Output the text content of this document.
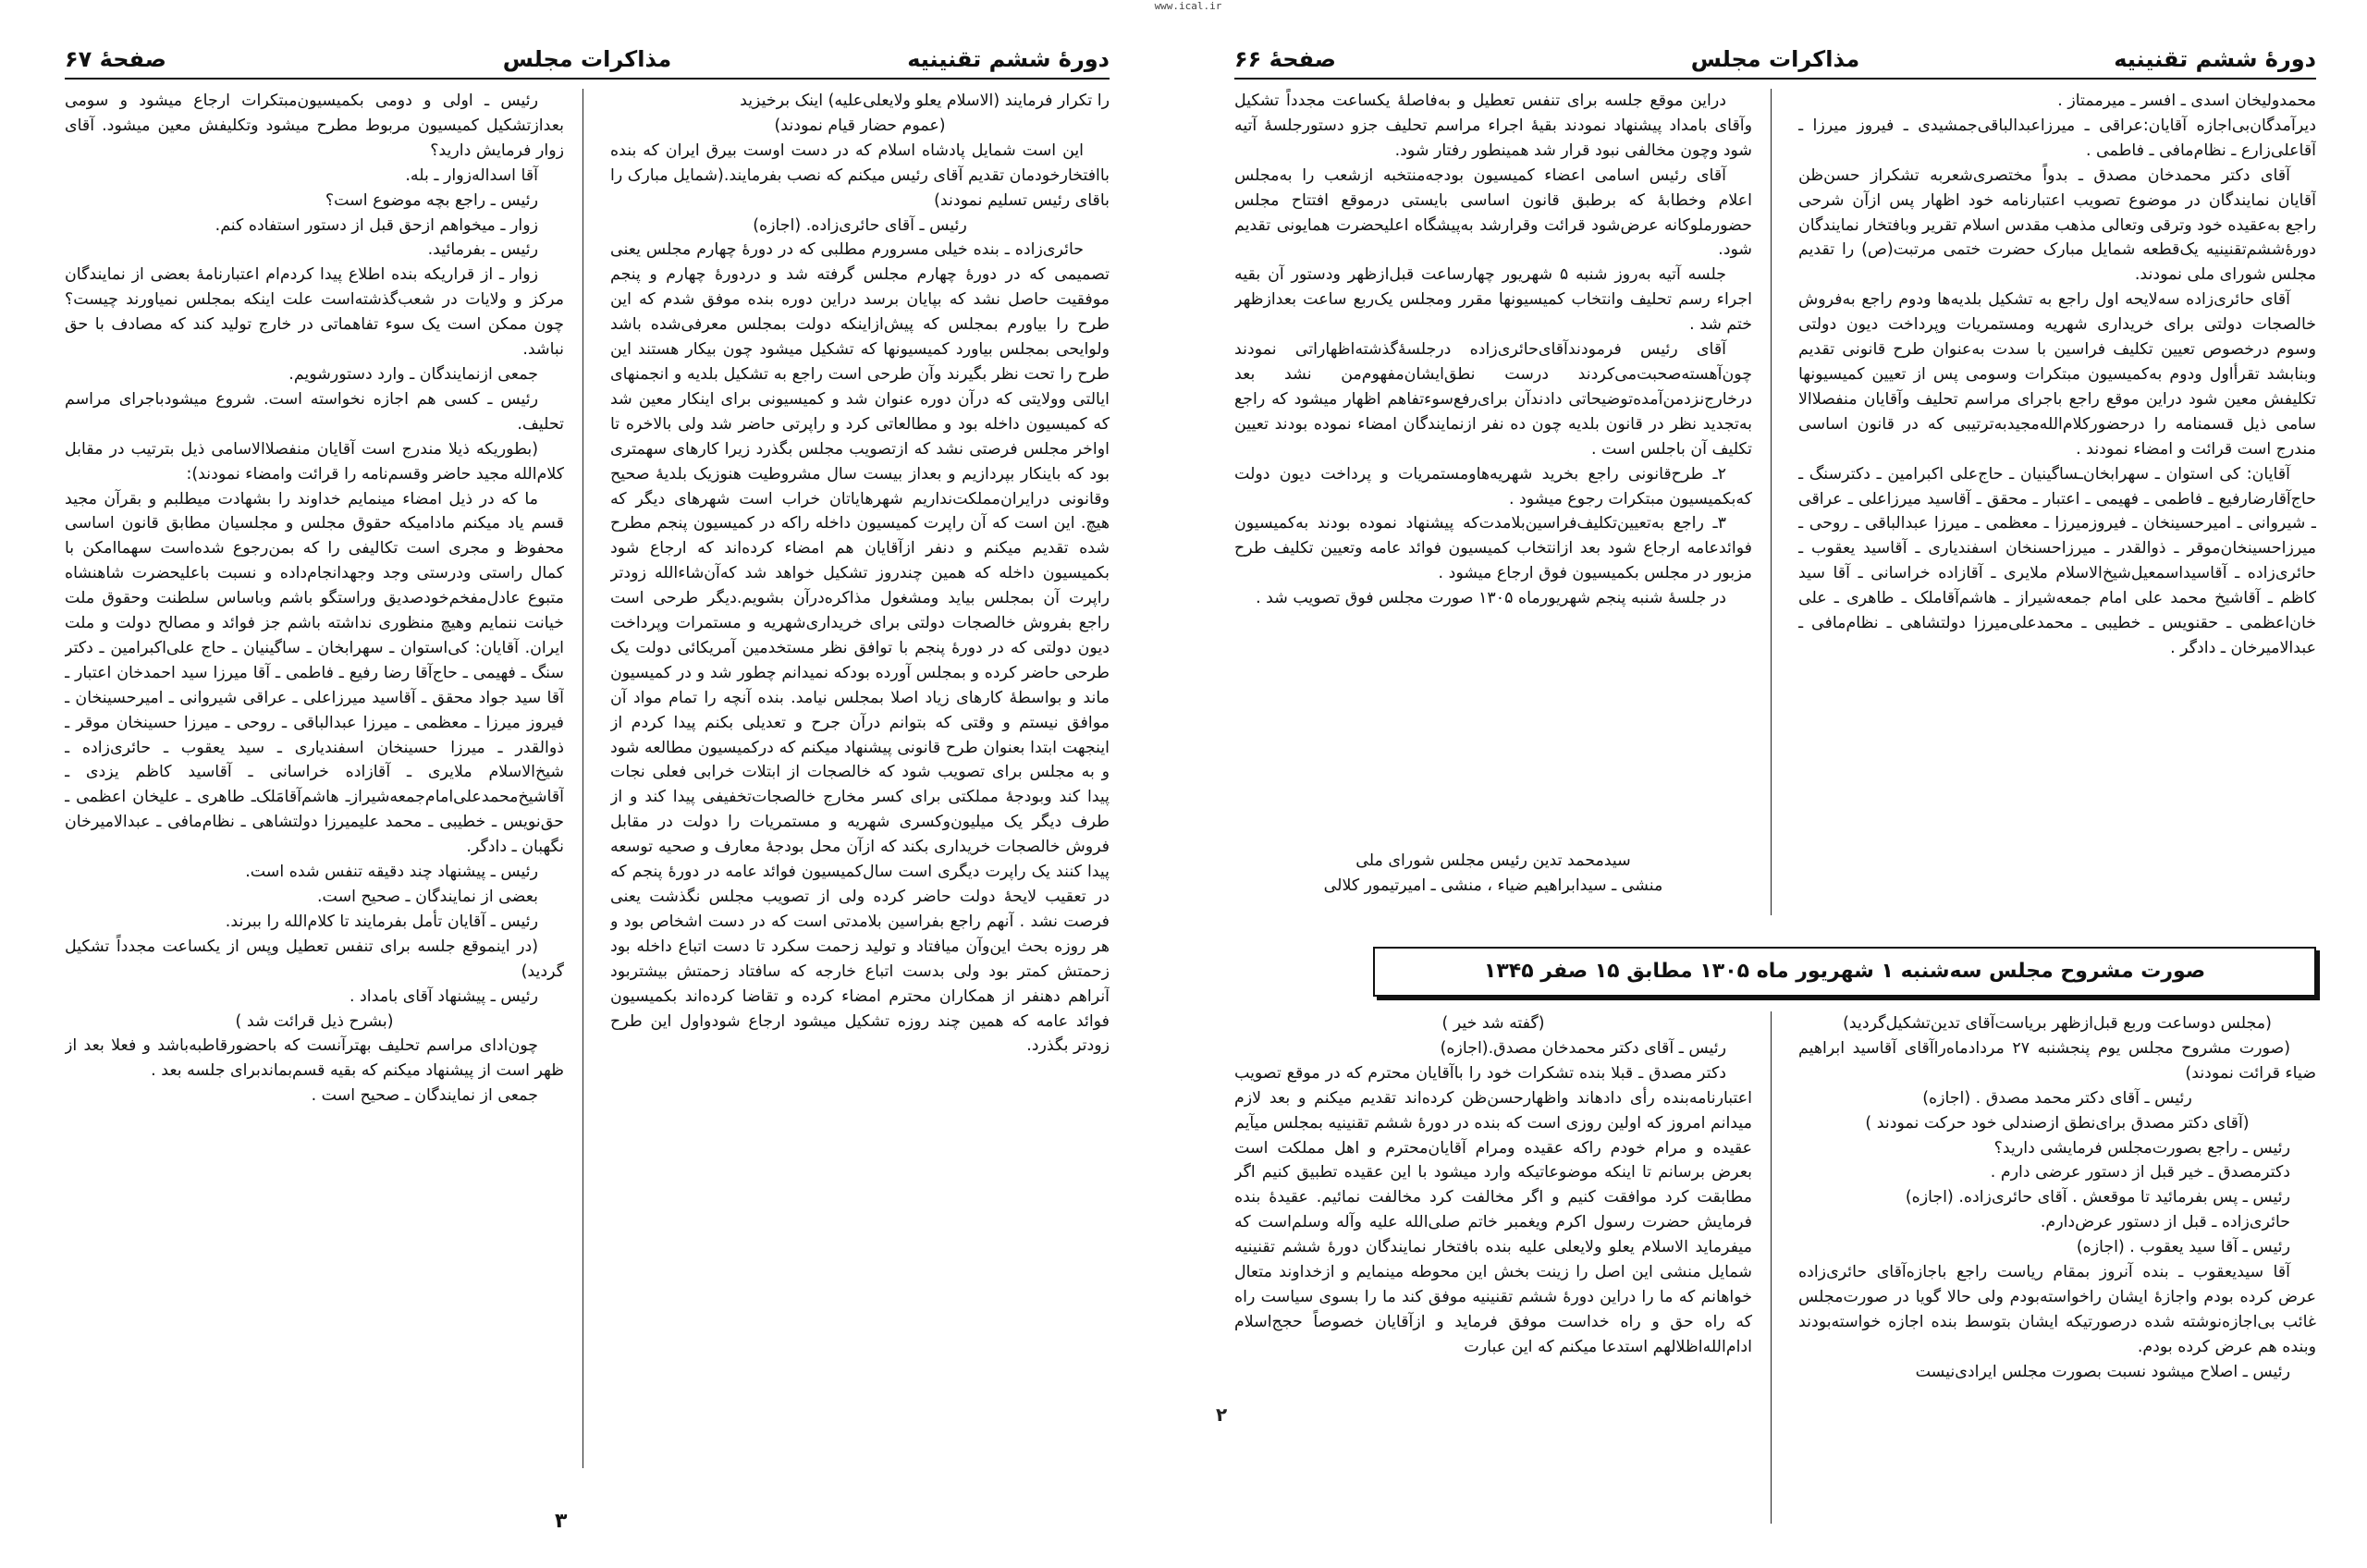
www.ical.ir
دورهٔ ششم تقنینیه
مذاکرات مجلس
صفحهٔ ۶۷

را تکرار فرمایند (الاسلام یعلو ولایعلی‌علیه) اینک برخیزید

(عموم حضار قیام نمودند)

این است شمایل پادشاه اسلام که در دست اوست بیرق ایران که بنده باافتخارخودمان تقدیم آقای رئیس میکنم که نصب بفرمایند.(شمایل مبارک را باقای رئیس تسلیم نمودند)

رئیس ـ آقای حائری‌زاده. (اجازه)

حائری‌زاده ـ بنده خیلی مسرورم مطلبی که در دورهٔ چهارم مجلس یعنی تصمیمی که در دورهٔ چهارم مجلس گرفته شد و دردورهٔ چهارم و پنجم موفقیت حاصل نشد که بپایان برسد دراین دوره بنده موفق شدم که این طرح را بیاورم بمجلس که پیش‌ازاینکه دولت بمجلس معرفی‌شده باشد ولوایحی بمجلس بیاورد کمیسیونها که تشکیل میشود چون بیکار هستند این طرح را تحت نظر بگیرند وآن طرحی است راجع به تشکیل بلدیه و انجمنهای ایالتی وولایتی که درآن دوره عنوان شد و کمیسیونی برای اینکار معین شد که کمیسیون داخله بود و مطالعاتی کرد و راپرتی حاضر شد ولی بالاخره تا اواخر مجلس فرصتی نشد که ازتصویب مجلس بگذرد زیرا کارهای سهمتری بود که باینکار بپردازیم و بعداز بیست سال مشروطیت هنوزیک بلدیهٔ صحیح وقانونی درایران‌مملکت‌نداریم شهرهایاتان خراب است شهرهای دیگر که هیچ. این است که آن راپرت کمیسیون داخله راکه در کمیسیون پنجم مطرح شده تقدیم میکنم و دنفر ازآقایان هم امضاء کرده‌اند که ارجاع شود بکمیسیون داخله که همین چندروز تشکیل خواهد شد که‌آن‌شاءالله زودتر راپرت آن بمجلس بیاید ومشغول مذاکره‌درآن بشویم.دیگر طرحی است راجع بفروش خالصجات دولتی برای خریداری‌شهریه و مستمرات وپرداخت دیون دولتی که در دورهٔ پنجم با توافق نظر مستخدمین آمریکائی دولت یک طرحی حاضر کرده و بمجلس آورده بودکه نمیدانم چطور شد و در کمیسیون ماند و بواسطهٔ کارهای زیاد اصلا بمجلس نیامد. بنده آنچه را تمام مواد آن موافق نیستم و وقتی که بتوانم درآن جرح و تعدیلی بکنم پیدا کردم از اینجهت ابتدا بعنوان طرح قانونی پیشنهاد میکنم که درکمیسیون مطالعه شود و به مجلس برای تصویب شود که خالصجات از ابتلات خرابی فعلی نجات پیدا کند وبودجهٔ مملکتی برای کسر مخارج خالصجات‌تخفیفی پیدا کند و از طرف دیگر یک میلیون‌وکسری شهریه و مستمریات را دولت در مقابل فروش خالصجات خریداری بکند که ازآن محل بودجهٔ معارف و صحیه توسعه پیدا کنند یک راپرت دیگری است سال‌کمیسیون فوائد عامه در دورهٔ پنجم که در تعقیب لایحهٔ دولت حاضر کرده ولی از تصویب مجلس نگذشت یعنی فرصت نشد . آنهم راجع بفراسین بلامدتی است که در دست اشخاص بود و هر روزه بحث این‌وآن میافتاد و تولید زحمت سکرد تا دست اتباع داخله بود زحمتش کمتر بود ولی بدست اتباع خارجه که سافتاد زحمتش بیشتربود آنراهم دهنفر از همکاران محترم امضاء کرده و تقاضا کرده‌اند بکمیسیون فوائد عامه که همین چند روزه تشکیل میشود ارجاع شودواول این طرح زودتر بگذرد.

رئیس ـ اولی و دومی بکمیسیون‌مبتکرات ارجاع میشود و سومی بعدازتشکیل کمیسیون مربوط مطرح میشود وتکلیفش معین میشود. آقای زوار فرمایش دارید؟

آقا اسداله‌زوار ـ بله.

رئیس ـ راجع بچه موضوع است؟

زوار ـ میخواهم ازحق قبل از دستور استفاده کنم.

رئیس ـ بفرمائید.

زوار ـ از قراریکه بنده اطلاع پیدا کردم‌ام اعتبارنامهٔ بعضی از نمایندگان مرکز و ولایات در شعب‌گذشته‌است علت اینکه بمجلس نمیاورند چیست؟ چون ممکن است یک سوء تفاهماتی در خارج تولید کند که مصادف با حق نباشد.

جمعی ازنمایندگان ـ وارد دستورشویم.

رئیس ـ کسی هم اجازه نخواسته است. شروع میشودباجرای مراسم تحلیف.

(بطوریکه ذیلا مندرج است آقایان منفصلاالاسامی ذیل بترتیب در مقابل کلام‌الله مجید حاضر وقسم‌نامه را قرائت وامضاء نمودند):

ما که در ذیل امضاء مینمایم خداوند را بشهادت میطلبم و بقرآن مجید قسم یاد میکنم مادامیکه حقوق مجلس و مجلسیان مطابق قانون اساسی محفوظ و مجری است تکالیفی را که بمن‌رجوع شده‌است سهما‌امکن با کمال راستی ودرستی وجد وجهد‌انجام‌داده و نسبت باعلیحضرت شاهنشاه متبوع عادل‌مفخم‌خود‌صدیق وراستگو باشم وباساس سلطنت وحقوق ملت خیانت ننمایم وهیچ منظوری نداشته باشم جز فوائد و مصالح دولت و ملت ایران. آقایان: کی‌استوان ـ سهرابخان ـ ساگینیان ـ حاج علی‌اکبرامین ـ دکتر سنگ ـ فهیمی ـ حاج‌آقا رضا رفیع ـ فاطمی ـ آقا میرزا سید احمدخان اعتبار ـ آقا سید جواد محقق ـ آقاسید میرزاعلی ـ عراقی شیروانی ـ امیرحسینخان ـ فیروز میرزا ـ معظمی ـ میرزا عبدالباقی ـ روحی ـ میرزا حسینخان موقر ـ ذوالقدر ـ میرزا حسینخان اسفندیاری ـ سید یعقوب ـ حائری‌زاده ـ شیخ‌الاسلام ملایری ـ آقازاده خراسانی ـ آقاسید کاظم یزدی ـ آقاشیخ‌محمدعلی‌امام‌جمعه‌شیراز‌ـ هاشم‌آقامَلک‌ـ طاهری ـ علیخان اعظمی ـ حق‌نویس ـ خطیبی ـ محمد علیمیرزا دولتشاهی ـ نظام‌مافی ـ عبدالامیرخان نگهبان ـ دادگر.

رئیس ـ پیشنهاد چند دقیقه تنفس شده است.

بعضی از نمایندگان ـ صحیح است.

رئیس ـ آقایان تأمل بفرمایند تا کلام‌الله را ببرند.

(در اینموقع جلسه برای تنفس تعطیل وپس از یکساعت مجدداً تشکیل گردید)

رئیس ـ پیشنهاد آقای بامداد .

(بشرح ذیل قرائت شد )

چون‌ادای مراسم تحلیف بهترآنست که باحضورقاطبه‌باشد و فعلا بعد از ظهر است از پیشنهاد میکنم که بقیه قسم‌بماندبرای جلسه بعد .

جمعی از نمایندگان ـ صحیح است .

۳
دورهٔ ششم تقنینیه
مذاکرات مجلس
صفحهٔ ۶۶

محمدولیخان اسدی ـ افسر ـ میرممتاز .

دیرآمدگان‌بی‌اجازه آقایان:عراقی ـ میرزاعبدالباقی‌جمشیدی ـ فیروز میرزا ـ آقاعلی‌زارع ـ نظام‌مافی ـ فاطمی .

آقای دکتر محمدخان مصدق ـ بدواً مختصری‌شعربه تشکراز حسن‌ظن آقایان نمایندگان در موضوع تصویب اعتبارنامه خود اظهار پس ازآن شرحی راجع به‌عقیده خود وترقی وتعالی مذهب مقدس اسلام تقریر وبافتخار نمایندگان دورهٔ‌ششم‌تقنینیه یک‌قطعه شمایل مبارک حضرت ختمی مرتبت(ص) را تقدیم مجلس شورای ملی نمودند.

آقای حائری‌زاده سه‌لایحه اول راجع به تشکیل بلدیه‌ها ودوم راجع به‌فروش خالصجات دولتی برای خریداری شهریه ومستمریات وپرداخت دیون دولتی وسوم درخصوص تعیین تکلیف فراسین با سدت به‌عنوان طرح قانونی تقدیم وبنابشد تقرأاول ودوم به‌کمیسیون مبتکرات وسومی پس از تعیین کمیسیونها تکلیفش معین شود دراین موقع راجع باجرای مراسم تحلیف وآقایان منفصلاالا سامی ذیل قسمنامه را درحضورکلام‌الله‌مجیدبه‌ترتیبی که در قانون اساسی مندرج است قرائت و امضاء نمودند .

آقایان: کی استوان ـ سهرابخان‌ـساگینیان ـ حاج‌علی اکبرامین ـ دکترسنگ ـ حاج‌آقارضارفیع ـ فاطمی ـ فهیمی ـ اعتبار ـ محقق ـ آقاسید میرزاعلی ـ عراقی ـ شیروانی ـ امیرحسینخان ـ فیروزمیرزا ـ معظمی ـ میرزا عبدالباقی ـ روحی ـ میرزاحسینخان‌موقر ـ ذوالقدر ـ میرزاحسنخان اسفندیاری ـ آقاسید یعقوب ـ حائری‌زاده ـ آقاسیدا‌سمعیل‌شیخ‌الاسلام ملایری ـ آقازاده خراسانی ـ آقا سید کاظم ـ آقاشیخ محمد علی امام جمعه‌شیراز ـ هاشم‌آقاملک ـ طاهری ـ علی خان‌اعظمی ـ حقنویس ـ خطیبی ـ محمدعلی‌میرزا دولتشاهی ـ نظام‌مافی ـ عبدالامیرخان ـ دادگر .

دراین موقع جلسه برای تنفس تعطیل و به‌فاصلهٔ یکساعت مجدداً تشکیل وآقای بامداد پیشنهاد نمودند بقیهٔ اجراء مراسم تحلیف جزو دستورجلسهٔ آتیه شود وچون مخالفی نبود قرار شد همینطور رفتار شود.

آقای رئیس اسامی اعضاء کمیسیون بودجه‌منتخبه ازشعب را به‌مجلس اعلام وخطابهٔ که برطبق قانون اساسی بایستی درموقع افتتاح مجلس حضورملوکانه عرض‌شود قرائت وقرارشد به‌پیشگاه اعلیحضرت همایونی تقدیم شود.

جلسه آتیه به‌روز شنبه ۵ شهریور چهارساعت قبل‌ازظهر ودستور آن بقیه اجراء رسم تحلیف وانتخاب کمیسیونها مقرر ومجلس یک‌ربع ساعت بعدازظهر ختم شد .

آقای رئیس فرمودند‌آقای‌حائری‌زاده درجلسهٔ‌گذشته‌اظهاراتی نمودند چون‌آهسته‌صحبت‌می‌کردند درست نطق‌ایشان‌مفهوم‌من نشد بعد درخارج‌نزدمن‌آمده‌توضیحاتی دادندآن‌ برای‌رفع‌سوء‌تفاهم اظهار میشود که راجع به‌تجدید نظر در قانون بلدیه چون ده نفر ازنمایندگان امضاء نموده بودند تعیین تکلیف آن باجلس است .

۲ـ طرح‌قانونی راجع بخرید شهریه‌هاومستمریات و پرداخت دیون دولت که‌بکمیسیون مبتکرات رجوع میشود .

۳ـ راجع به‌تعیین‌تکلیف‌فراسین‌بلامدت‌که پیشنهاد نموده بودند به‌کمیسیون فوائدعامه ارجاع شود بعد ازانتخاب کمیسیون فوائد عامه وتعیین تکلیف طرح مزبور در مجلس بکمیسیون فوق ارجاع میشود .

در جلسهٔ شنبه پنجم شهریورماه ۱۳۰۵ صورت مجلس فوق تصویب شد .

سیدمحمد تدین رئیس مجلس شورای ملی

منشی ـ سیدابراهیم ضیاء ، منشی ـ امیرتیمور کلالی

صورت مشروح مجلس سه‌شنبه ۱ شهریور ماه ۱۳۰۵ مطابق ۱۵ صفر ۱۳۴۵

(مجلس دوساعت وربع قبل‌ازظهر بریاست‌آقای تدین‌تشکیل‌گردید)

(صورت مشروح مجلس یوم پنجشنبه ۲۷ مردادماه‌راآقای آقاسید ابراهیم ضیاء قرائت نمودند)

رئیس ـ آقای دکتر محمد مصدق . (اجازه)

(آقای دکتر مصدق برای‌نطق ازصندلی خود حرکت نمودند )

رئیس ـ راجع بصورت‌مجلس فرمایشی دارید؟

دکترمصدق ـ خیر قبل از دستور عرضی دارم .

رئیس ـ پس بفرمائید تا موقعش . آقای حائری‌زاده. (اجازه)

حائری‌زاده ـ قبل از دستور عرض‌دارم.

رئیس ـ آقا سید یعقوب . (اجازه)

آقا سیدیعقوب ـ بنده آنروز بمقام ریاست راجع باجازه‌آقای حائری‌زاده عرض کرده بودم واجازهٔ ایشان راخواسته‌بودم ولی حالا گویا در صورت‌مجلس غائب بی‌اجازه‌نوشته شده درصورتیکه ایشان بتوسط بنده اجازه خواسته‌بودند وبنده هم عرض کرده بودم.

رئیس ـ اصلاح میشود نسبت بصورت مجلس ایرادی‌نیست

(گفته شد خیر )

رئیس ـ آقای دکتر محمدخان مصدق.(اجازه)

دکتر مصدق ـ قبلا بنده تشکرات خود را باآقایان محترم که در موقع تصویب اعتبارنامه‌بنده رأی دادهاند واظهارحسن‌ظن کرده‌اند تقدیم میکنم و بعد لازم میدانم امروز که اولین روزی است که بنده در دورهٔ ششم تقنینیه بمجلس میآیم عقیده و مرام خودم راکه عقیده ومرام آقایان‌محترم و اهل مملکت است بعرض برسانم تا اینکه موضوعاتیکه وارد میشود با این عقیده تطبیق کنیم اگر مطابقت کرد موافقت کنیم و اگر مخالفت کرد مخالفت نمائیم. عقیدهٔ بنده فرمایش حضرت رسول اکرم ویغمبر خاتم صلی‌الله علیه وآله وسلم‌است که میفرماید الاسلام یعلو ولایعلی علیه بنده بافتخار نمایندگان دورهٔ ششم تقنینیه شمایل منشی این اصل را زینت بخش این محوطه مینمایم و ازخداوند متعال خواهانم که ما را دراین دورهٔ ششم تقنینیه موفق کند ما را بسوی سیاست راه که راه حق و راه خداست موفق فرماید و ازآقایان خصوصاً حجج‌اسلام ادام‌الله‌اظلالهم استدعا میکنم که این عبارت

۲
